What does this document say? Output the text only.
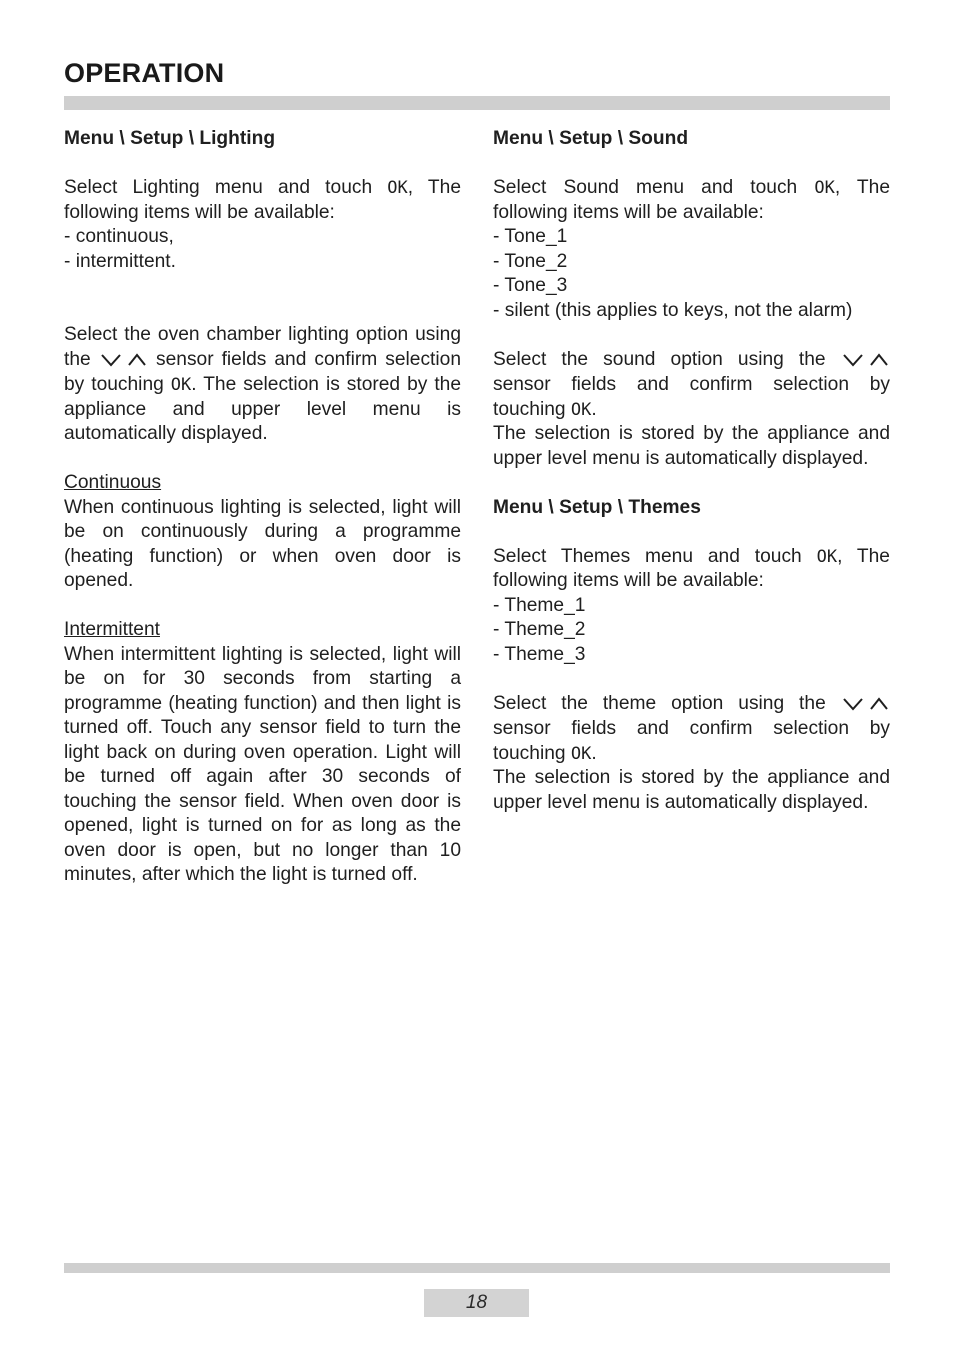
OPERATION
Menu \ Setup \ Lighting
Select Lighting menu and touch OK, The following items will be available:
- continuous,
- intermittent.
Select the oven chamber lighting option using the	sensor fields and confirm selection by touching OK. The selection is stored by the appliance and upper level menu is automatically displayed.
Continuous
When continuous lighting is selected, light will be on continuously during a programme (heating function) or when oven door is opened.
Intermittent
When intermittent lighting is selected, light will be on for 30 seconds from starting a programme (heating function) and then light is turned off. Touch any sensor field to turn the light back on during oven operation. Light will be turned off again after 30 seconds of touching the sensor field. When oven door is opened, light is turned on for as long as the oven door is open, but no longer than 10 minutes, after which the light is turned off.
Menu \ Setup \ Sound
Select Sound menu and touch OK, The following items will be available:
- Tone_1
- Tone_2
- Tone_3
- silent (this applies to keys, not the alarm)
Select the sound option using the   sensor fields and confirm selection by touching OK.
The selection is stored by the appliance and upper level menu is automatically displayed.
Menu \ Setup \ Themes
Select Themes menu and touch OK, The following items will be available:
- Theme_1
- Theme_2
- Theme_3
Select the theme option using the   sensor fields and confirm selection by touching OK.
The selection is stored by the appliance and upper level menu is automatically displayed.
18
